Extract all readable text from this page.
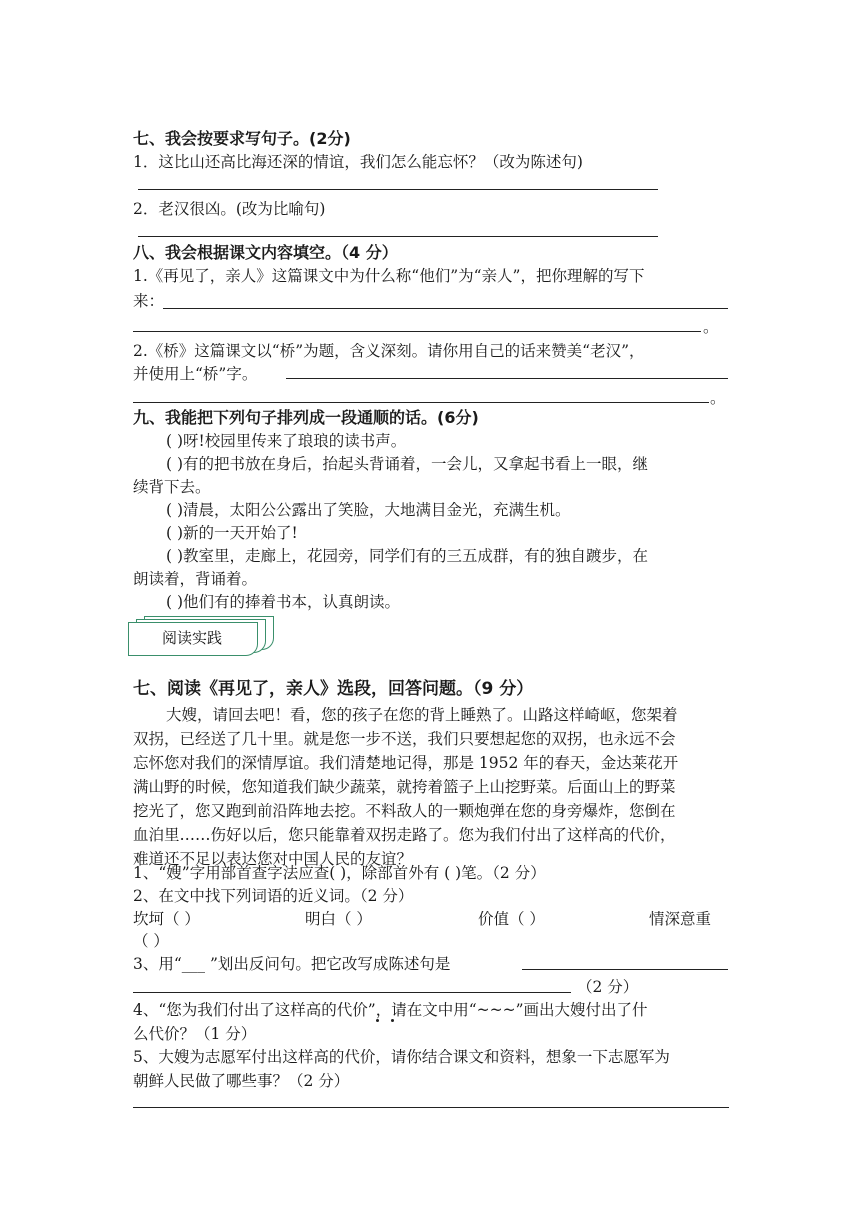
七、我会按要求写句子。(2分)
1．这比山还高比海还深的情谊，我们怎么能忘怀？（改为陈述句)
2．老汉很凶。(改为比喻句)
八、我会根据课文内容填空。（4 分）
1.《再见了，亲人》这篇课文中为什么称“他们”为“亲人”，把你理解的写下
来：
。
2.《桥》这篇课文以“桥”为题，含义深刻。请你用自己的话来赞美“老汉”，
并使用上“桥”字。
。
九、我能把下列句子排列成一段通顺的话。(6分)
( )呀!校园里传来了琅琅的读书声。
( )有的把书放在身后，抬起头背诵着，一会儿，又拿起书看上一眼，继
续背下去。
( )清晨，太阳公公露出了笑脸，大地满目金光，充满生机。
( )新的一天开始了!
( )教室里，走廊上，花园旁，同学们有的三五成群，有的独自踱步，在
朗读着，背诵着。
( )他们有的捧着书本，认真朗读。
阅读实践
七、阅读《再见了，亲人》选段，回答问题。（9 分）
大嫂，请回去吧！看，您的孩子在您的背上睡熟了。山路这样崎岖，您架着
双拐，已经送了几十里。就是您一步不送，我们只要想起您的双拐，也永远不会
忘怀您对我们的深情厚谊。我们清楚地记得，那是 1952 年的春天，金达莱花开
满山野的时候，您知道我们缺少蔬菜，就挎着篮子上山挖野菜。后面山上的野菜
挖光了，您又跑到前沿阵地去挖。不料敌人的一颗炮弹在您的身旁爆炸，您倒在
血泊里……伤好以后，您只能靠着双拐走路了。您为我们付出了这样高的代价，
难道还不足以表达您对中国人民的友谊？
1、“嫂”字用部首查字法应查( )，除部首外有 ( )笔。（2 分）
2、在文中找下列词语的近义词。（2 分）
坎坷（ ）	明白（ ）	价值（ ）	情深意重
（ ）
3、用“___ ”划出反问句。把它改写成陈述句是
（2 分）
4、“您为我们付出了这样高的代价”，请在文中用“~~~”画出大嫂付出了什
么代价？（1 分）
5、大嫂为志愿军付出这样高的代价，请你结合课文和资料，想象一下志愿军为
朝鲜人民做了哪些事？（2 分）
